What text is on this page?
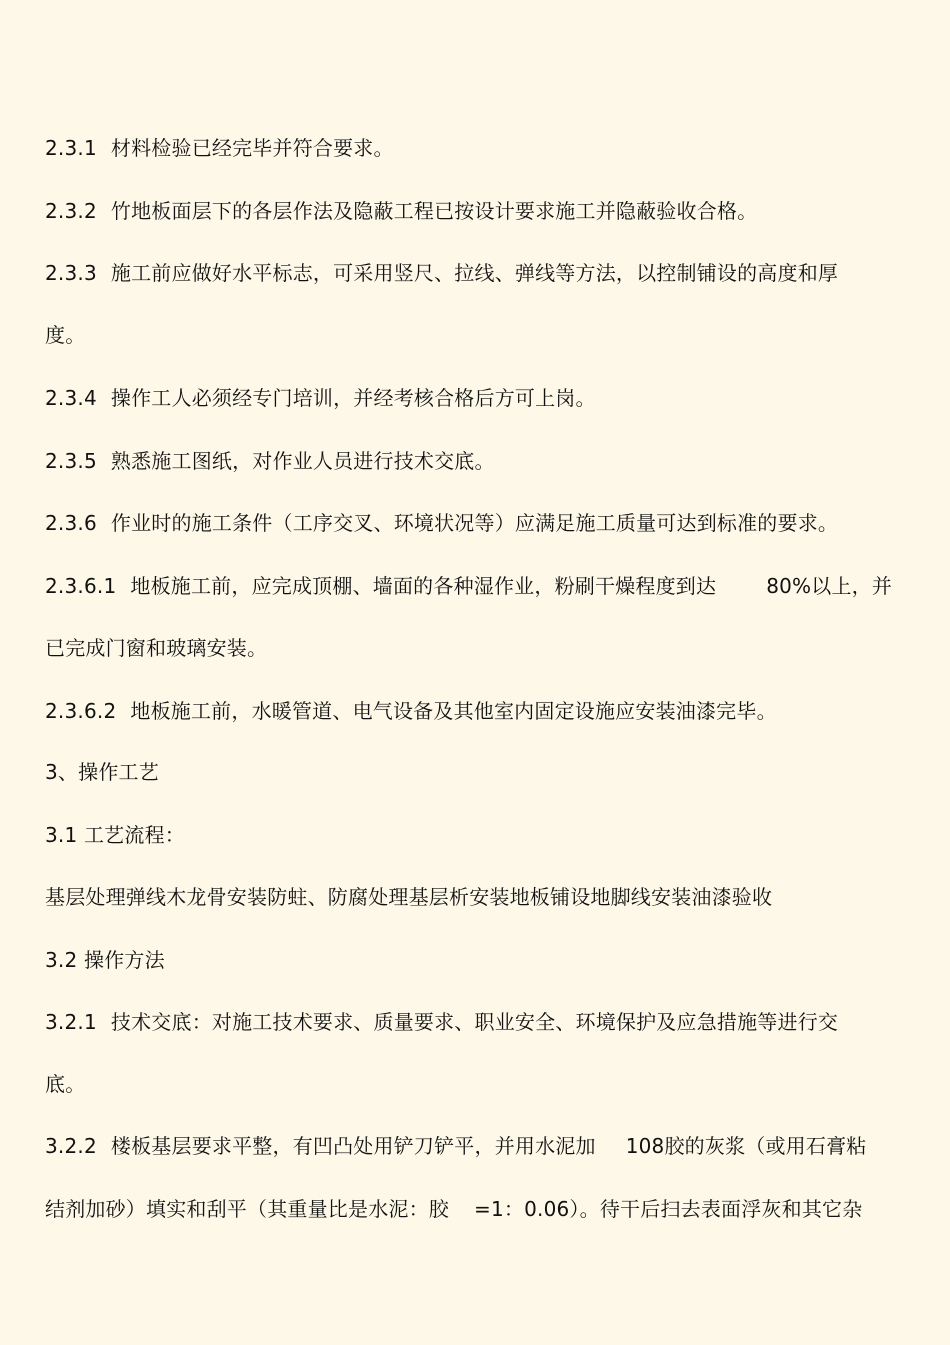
2.3.1 材料检验已经完毕并符合要求。
2.3.2 竹地板面层下的各层作法及隐蔽工程已按设计要求施工并隐蔽验收合格。
2.3.3 施工前应做好水平标志，可采用竖尺、拉线、弹线等方法，以控制铺设的高度和厚
度。
2.3.4 操作工人必须经专门培训，并经考核合格后方可上岗。
2.3.5 熟悉施工图纸，对作业人员进行技术交底。
2.3.6 作业时的施工条件（工序交叉、环境状况等）应满足施工质量可达到标准的要求。
2.3.6.1 地板施工前，应完成顶棚、墙面的各种湿作业，粉刷干燥程度到达	80%以上，并
已完成门窗和玻璃安装。
2.3.6.2 地板施工前，水暖管道、电气设备及其他室内固定设施应安装油漆完毕。
3、操作工艺
3.1 工艺流程：
基层处理弹线木龙骨安装防蛀、防腐处理基层析安装地板铺设地脚线安装油漆验收
3.2 操作方法
3.2.1 技术交底：对施工技术要求、质量要求、职业安全、环境保护及应急措施等进行交
底。
3.2.2 楼板基层要求平整，有凹凸处用铲刀铲平，并用水泥加 108胶的灰浆（或用石膏粘
结剂加砂）填实和刮平（其重量比是水泥：胶 =1：0.06）。待干后扫去表面浮灰和其它杂
